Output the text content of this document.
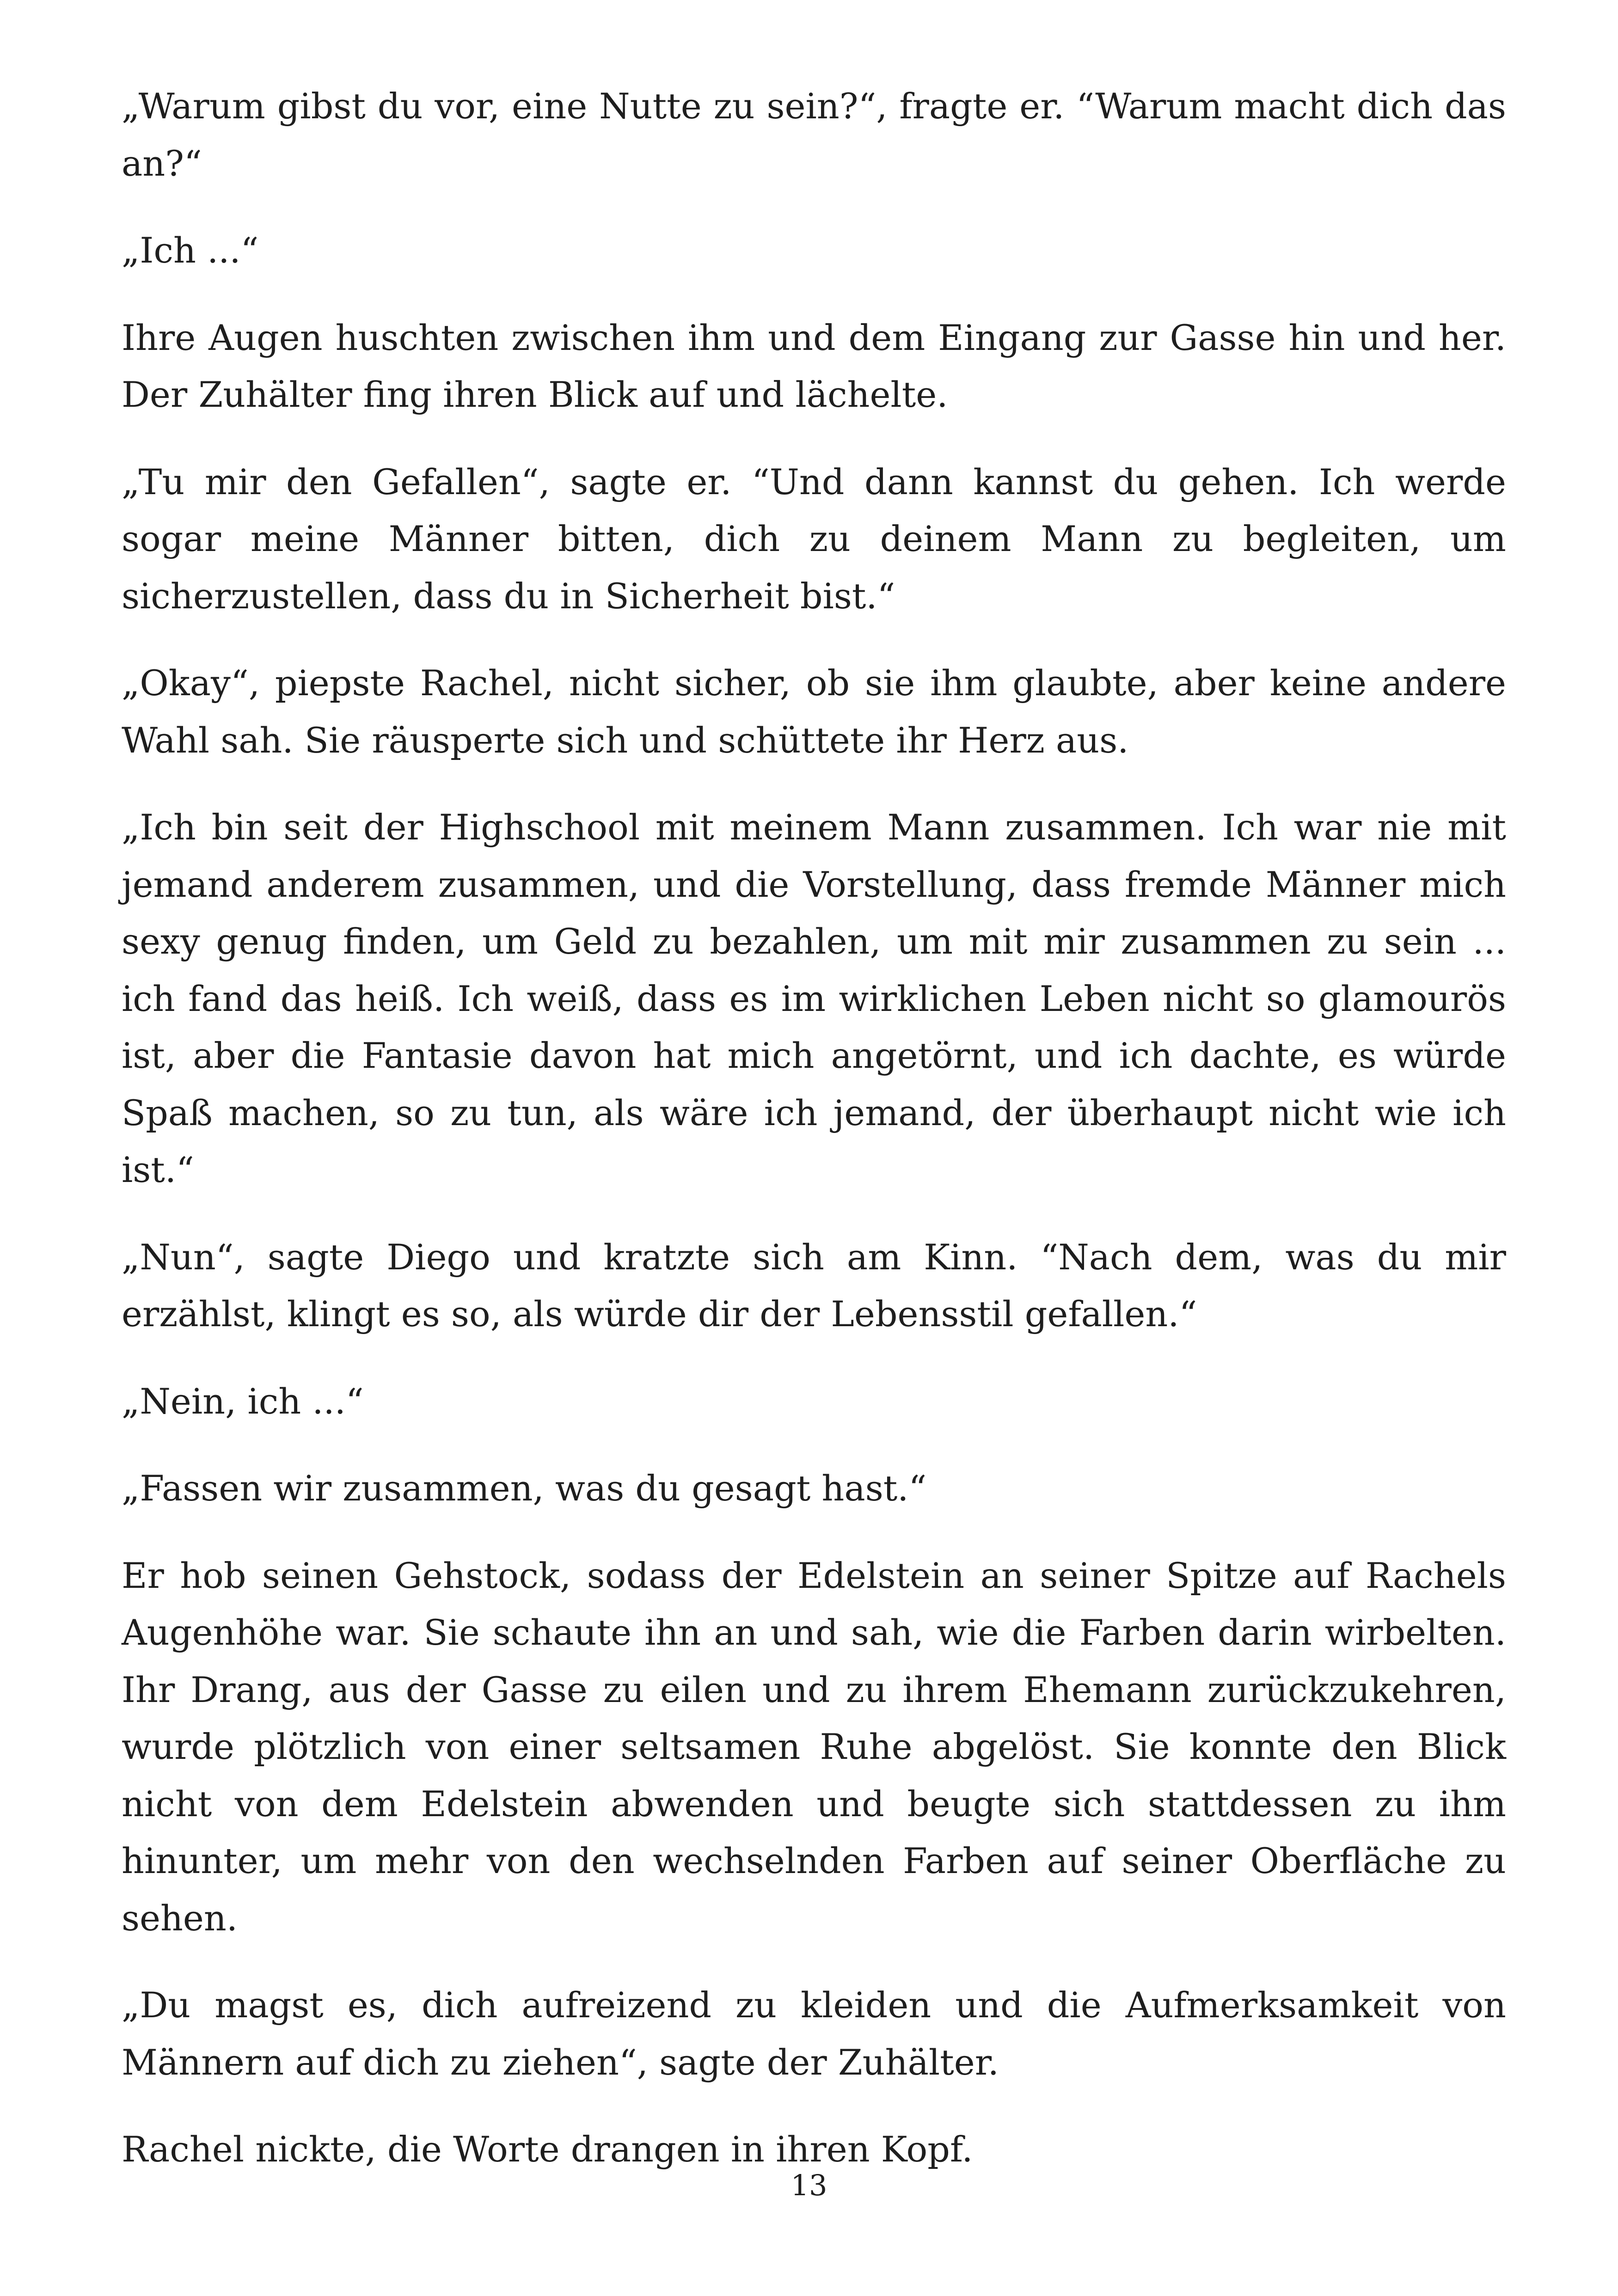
„Warum gibst du vor, eine Nutte zu sein?“, fragte er. “Warum macht dich das an?“

„Ich ...“

Ihre Augen huschten zwischen ihm und dem Eingang zur Gasse hin und her. Der Zuhälter fing ihren Blick auf und lächelte.

„Tu mir den Gefallen“, sagte er. “Und dann kannst du gehen. Ich werde sogar meine Männer bitten, dich zu deinem Mann zu begleiten, um sicherzustellen, dass du in Sicherheit bist.“

„Okay“, piepste Rachel, nicht sicher, ob sie ihm glaubte, aber keine andere Wahl sah. Sie räusperte sich und schüttete ihr Herz aus.

„Ich bin seit der Highschool mit meinem Mann zusammen. Ich war nie mit jemand anderem zusammen, und die Vorstellung, dass fremde Männer mich sexy genug finden, um Geld zu bezahlen, um mit mir zusammen zu sein ... ich fand das heiß. Ich weiß, dass es im wirklichen Leben nicht so glamourös ist, aber die Fantasie davon hat mich angetörnt, und ich dachte, es würde Spaß machen, so zu tun, als wäre ich jemand, der überhaupt nicht wie ich ist.“

„Nun“, sagte Diego und kratzte sich am Kinn. “Nach dem, was du mir erzählst, klingt es so, als würde dir der Lebensstil gefallen.“

„Nein, ich ...“

„Fassen wir zusammen, was du gesagt hast.“

Er hob seinen Gehstock, sodass der Edelstein an seiner Spitze auf Rachels Augenhöhe war. Sie schaute ihn an und sah, wie die Farben darin wirbelten. Ihr Drang, aus der Gasse zu eilen und zu ihrem Ehemann zurückzukehren, wurde plötzlich von einer seltsamen Ruhe abgelöst. Sie konnte den Blick nicht von dem Edelstein abwenden und beugte sich stattdessen zu ihm hinunter, um mehr von den wechselnden Farben auf seiner Oberfläche zu sehen.

„Du magst es, dich aufreizend zu kleiden und die Aufmerksamkeit von Männern auf dich zu ziehen“, sagte der Zuhälter.

Rachel nickte, die Worte drangen in ihren Kopf.

13
